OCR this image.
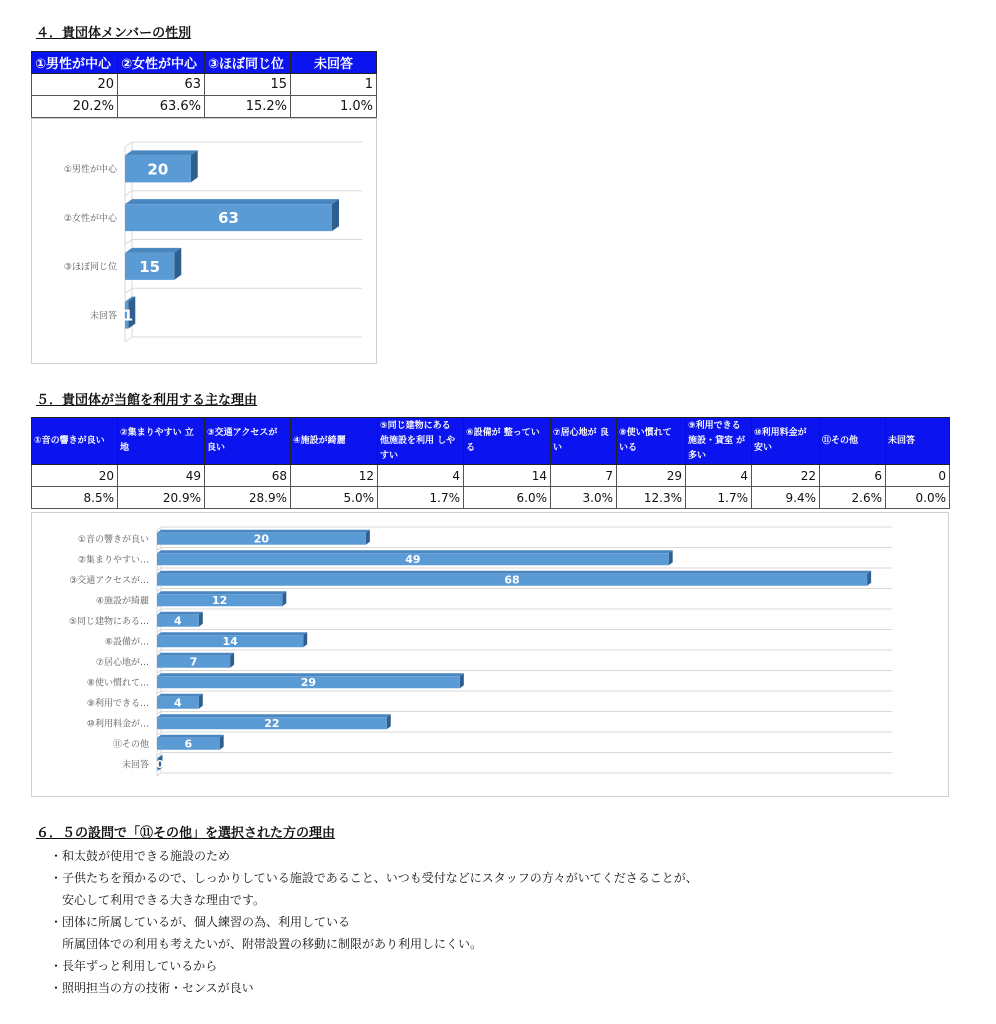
４．貴団体メンバーの性別
①男性が中心	②女性が中心	③ほぼ同じ位	未回答
20	63	15	1
20.2%	63.6%	15.2%	1.0%
①男性が中心 20
②女性が中心	63
③ほぼ同じ位 15
未回答 1
５．貴団体が当館を利用する主な理由
①音の響きが良い	②集まりやすい 立地	③交通アクセスが 良い	④施設が綺麗	⑤同じ建物にある 他施設を利用 しやすい	⑥設備が 整っている	⑦居心地が 良い	⑧使い慣れて いる	⑨利用できる 施設・貸室 が多い	⑩利用料金が 安い	⑪その他	未回答
20	49	68	12	4	14	7	29	4	22	6	0
8.5%	20.9%	28.9%	5.0%	1.7%	6.0%	3.0%	12.3%	1.7%	9.4%	2.6%	0.0%
①音の響きが良い	20
②集まりやすい…	49
③交通アクセスが…	68
④施設が綺麗	12
⑤同じ建物にある… 4
⑥設備が…	14
⑦居心地が…	7
⑧使い慣れて…	29
⑨利用できる… 4
⑩利用料金が…	22
⑪その他	6
未回答 0
６．５の設問で「⑪その他」を選択された方の理由
・和太鼓が使用できる施設のため
・子供たちを預かるので、しっかりしている施設であること、いつも受付などにスタッフの方々がいてくださることが、
　安心して利用できる大きな理由です。
・団体に所属しているが、個人練習の為、利用している
　所属団体での利用も考えたいが、附帯設置の移動に制限があり利用しにくい。
・長年ずっと利用しているから
・照明担当の方の技術・センスが良い
